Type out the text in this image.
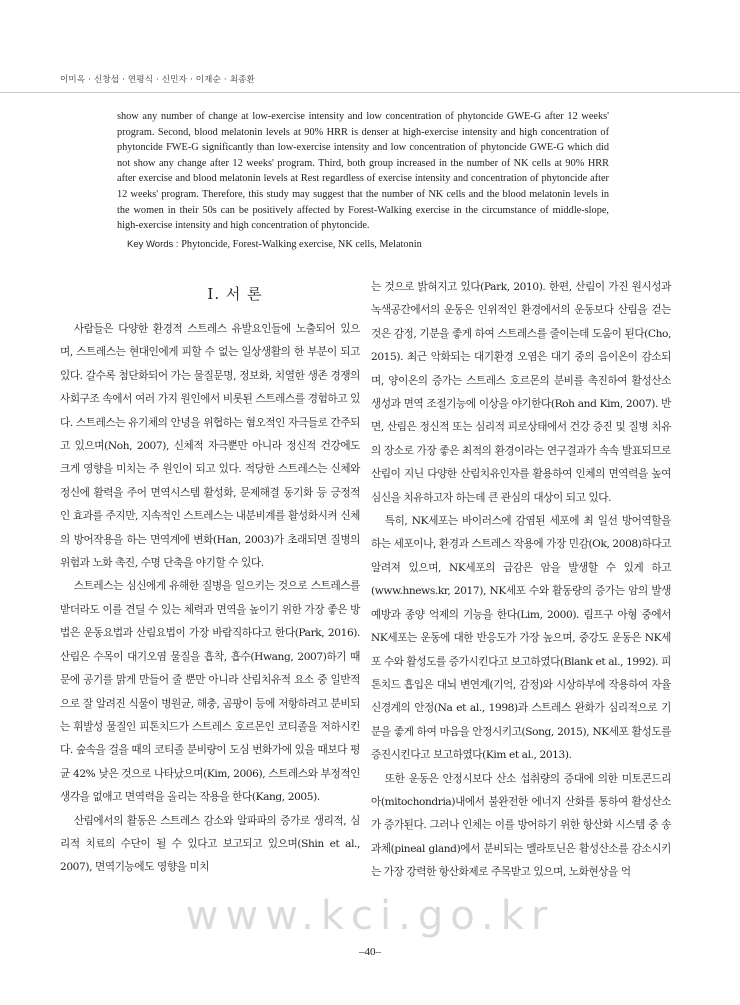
이미옥 · 신창섭 · 연평식 · 신민자 · 이재순 · 최종환

show any number of change at low-exercise intensity and low concentration of phytoncide GWE-G after 12 weeks' program. Second, blood melatonin levels at 90% HRR is denser at high-exercise intensity and high concentration of phytoncide FWE-G significantly than low-exercise intensity and low concentration of phytoncide GWE-G which did not show any change after 12 weeks' program. Third, both group increased in the number of NK cells at 90% HRR after exercise and blood melatonin levels at Rest regardless of exercise intensity and concentration of phytoncide after 12 weeks' program. Therefore, this study may suggest that the number of NK cells and the blood melatonin levels in the women in their 50s can be positively affected by Forest-Walking exercise in the circumstance of middle-slope, high-exercise intensity and high concentration of phytoncide.

Key Words : Phytoncide, Forest-Walking exercise, NK cells, Melatonin

I. 서 론

사람들은 다양한 환경적 스트레스 유발요인들에 노출되어 있으며, 스트레스는 현대인에게 피할 수 없는 일상생활의 한 부분이 되고 있다. 갈수록 첨단화되어 가는 물질문명, 정보화, 치열한 생존 경쟁의 사회구조 속에서 여러 가지 원인에서 비롯된 스트레스를 경험하고 있다. 스트레스는 유기체의 안녕을 위협하는 혐오적인 자극들로 간주되고 있으며(Noh, 2007), 신체적 자극뿐만 아니라 정신적 건강에도 크게 영향을 미치는 주 원인이 되고 있다. 적당한 스트레스는 신체와 정신에 활력을 주어 면역시스템 활성화, 문제해결 동기화 등 긍정적인 효과를 주지만, 지속적인 스트레스는 내분비계를 활성화시켜 신체의 방어작용을 하는 면역계에 변화(Han, 2003)가 초래되면 질병의 위험과 노화 촉진, 수명 단축을 야기할 수 있다.

스트레스는 심신에게 유해한 질병을 일으키는 것으로 스트레스를 받더라도 이를 견딜 수 있는 체력과 면역을 높이기 위한 가장 좋은 방법은 운동요법과 산림요법이 가장 바람직하다고 한다(Park, 2016). 산림은 수목이 대기오염 물질을 흡착, 흡수(Hwang, 2007)하기 때문에 공기를 맑게 만들어 줄 뿐만 아니라 산림치유적 요소 중 일반적으로 잘 알려진 식물이 병원균, 해충, 곰팡이 등에 저항하려고 분비되는 휘발성 물질인 피톤치드가 스트레스 호르몬인 코티졸을 저하시킨다. 숲속을 걸을 때의 코티졸 분비량이 도심 번화가에 있을 때보다 평균 42% 낮은 것으로 나타났으며(Kim, 2006), 스트레스와 부정적인 생각을 없애고 면역력을 올리는 작용을 한다(Kang, 2005).

산림에서의 활동은 스트레스 감소와 알파파의 증가로 생리적, 심리적 치료의 수단이 될 수 있다고 보고되고 있으며(Shin et al., 2007), 면역기능에도 영향을 미치

는 것으로 밝혀지고 있다(Park, 2010). 한편, 산림이 가진 원시성과 녹색공간에서의 운동은 인위적인 환경에서의 운동보다 산림을 걷는 것은 감정, 기분을 좋게 하여 스트레스를 줄이는데 도움이 된다(Cho, 2015). 최근 악화되는 대기환경 오염은 대기 중의 음이온이 감소되며, 양이온의 증가는 스트레스 호르몬의 분비를 촉진하여 활성산소 생성과 면역 조절기능에 이상을 야기한다(Roh and Kim, 2007). 반면, 산림은 정신적 또는 심리적 피로상태에서 건강 증진 및 질병 치유의 장소로 가장 좋은 최적의 환경이라는 연구결과가 속속 발표되므로 산림이 지닌 다양한 산림치유인자를 활용하여 인체의 면역력을 높여 심신을 치유하고자 하는데 큰 관심의 대상이 되고 있다.

특히, NK세포는 바이러스에 감염된 세포에 최 일선 방어역할을 하는 세포이나, 환경과 스트레스 작용에 가장 민감(Ok, 2008)하다고 알려져 있으며, NK세포의 급감은 암을 발생할 수 있게 하고(www.hnews.kr, 2017), NK세포 수와 활동량의 증가는 암의 발생 예방과 종양 억제의 기능을 한다(Lim, 2000). 림프구 아형 중에서 NK세포는 운동에 대한 반응도가 가장 높으며, 중강도 운동은 NK세포 수와 활성도를 증가시킨다고 보고하였다(Blank et al., 1992). 피톤치드 흡입은 대뇌 변연계(기억, 감정)와 시상하부에 작용하여 자율신경계의 안정(Na et al., 1998)과 스트레스 완화가 심리적으로 기분을 좋게 하여 마음을 안정시키고(Song, 2015), NK세포 활성도를 증진시킨다고 보고하였다(Kim et al., 2013).

또한 운동은 안정시보다 산소 섭취량의 증대에 의한 미토콘드리아(mitochondria)내에서 불완전한 에너지 산화를 통하여 활성산소가 증가된다. 그러나 인체는 이를 방어하기 위한 항산화 시스템 중 송과체(pineal gland)에서 분비되는 멜라토닌은 활성산소를 감소시키는 가장 강력한 항산화제로 주목받고 있으며, 노화현상을 억

www.kci.go.kr
–40–
